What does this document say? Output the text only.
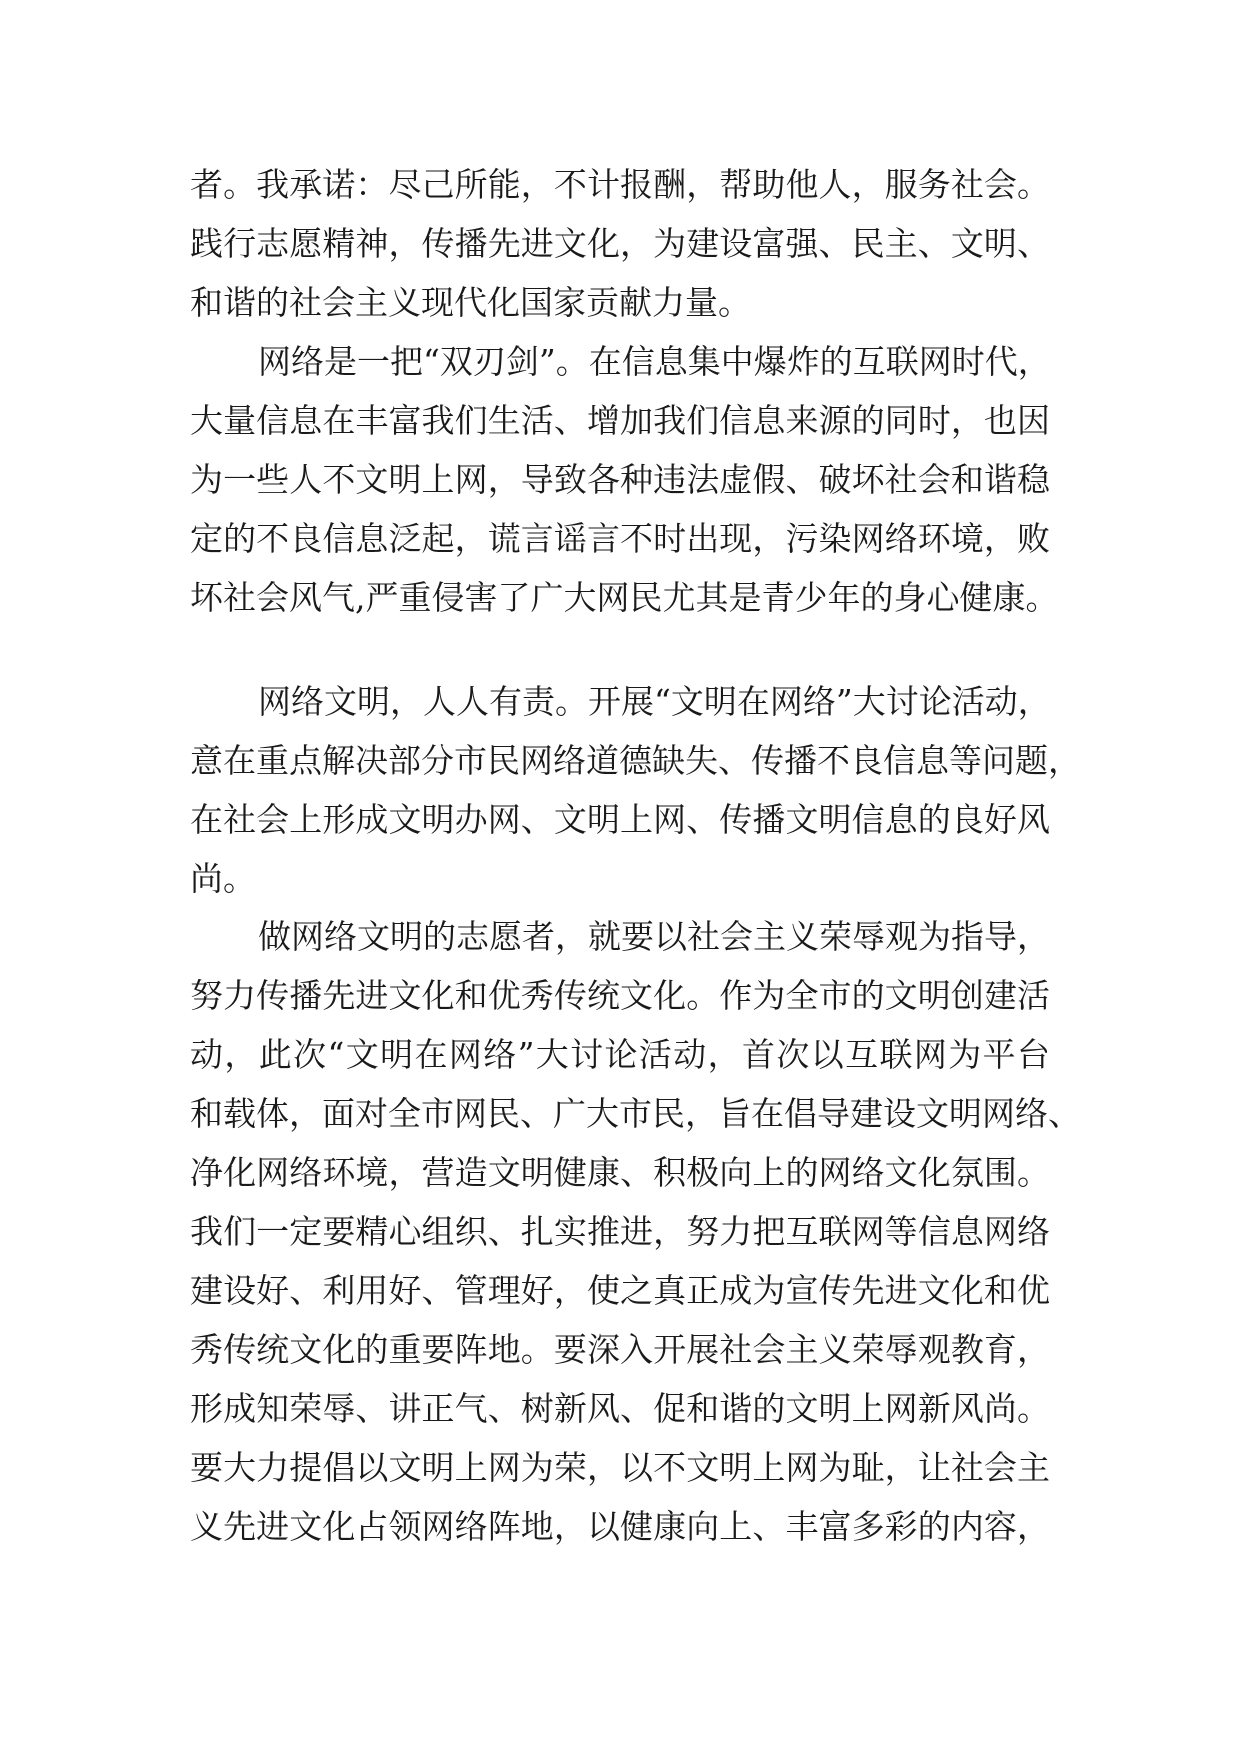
者。我承诺：尽己所能，不计报酬，帮助他人，服务社会。
践行志愿精神，传播先进文化，为建设富强、民主、文明、
和谐的社会主义现代化国家贡献力量。
网络是一把“双刃剑”。在信息集中爆炸的互联网时代，
大量信息在丰富我们生活、增加我们信息来源的同时，也因
为一些人不文明上网，导致各种违法虚假、破坏社会和谐稳
定的不良信息泛起，谎言谣言不时出现，污染网络环境，败
坏社会风气,严重侵害了广大网民尤其是青少年的身心健康。
网络文明，人人有责。开展“文明在网络”大讨论活动，
意在重点解决部分市民网络道德缺失、传播不良信息等问题，
在社会上形成文明办网、文明上网、传播文明信息的良好风
尚。
做网络文明的志愿者，就要以社会主义荣辱观为指导，
努力传播先进文化和优秀传统文化。作为全市的文明创建活
动，此次“文明在网络”大讨论活动，首次以互联网为平台
和载体，面对全市网民、广大市民，旨在倡导建设文明网络、
净化网络环境，营造文明健康、积极向上的网络文化氛围。
我们一定要精心组织、扎实推进，努力把互联网等信息网络
建设好、利用好、管理好，使之真正成为宣传先进文化和优
秀传统文化的重要阵地。要深入开展社会主义荣辱观教育，
形成知荣辱、讲正气、树新风、促和谐的文明上网新风尚。
要大力提倡以文明上网为荣，以不文明上网为耻，让社会主
义先进文化占领网络阵地，以健康向上、丰富多彩的内容，
